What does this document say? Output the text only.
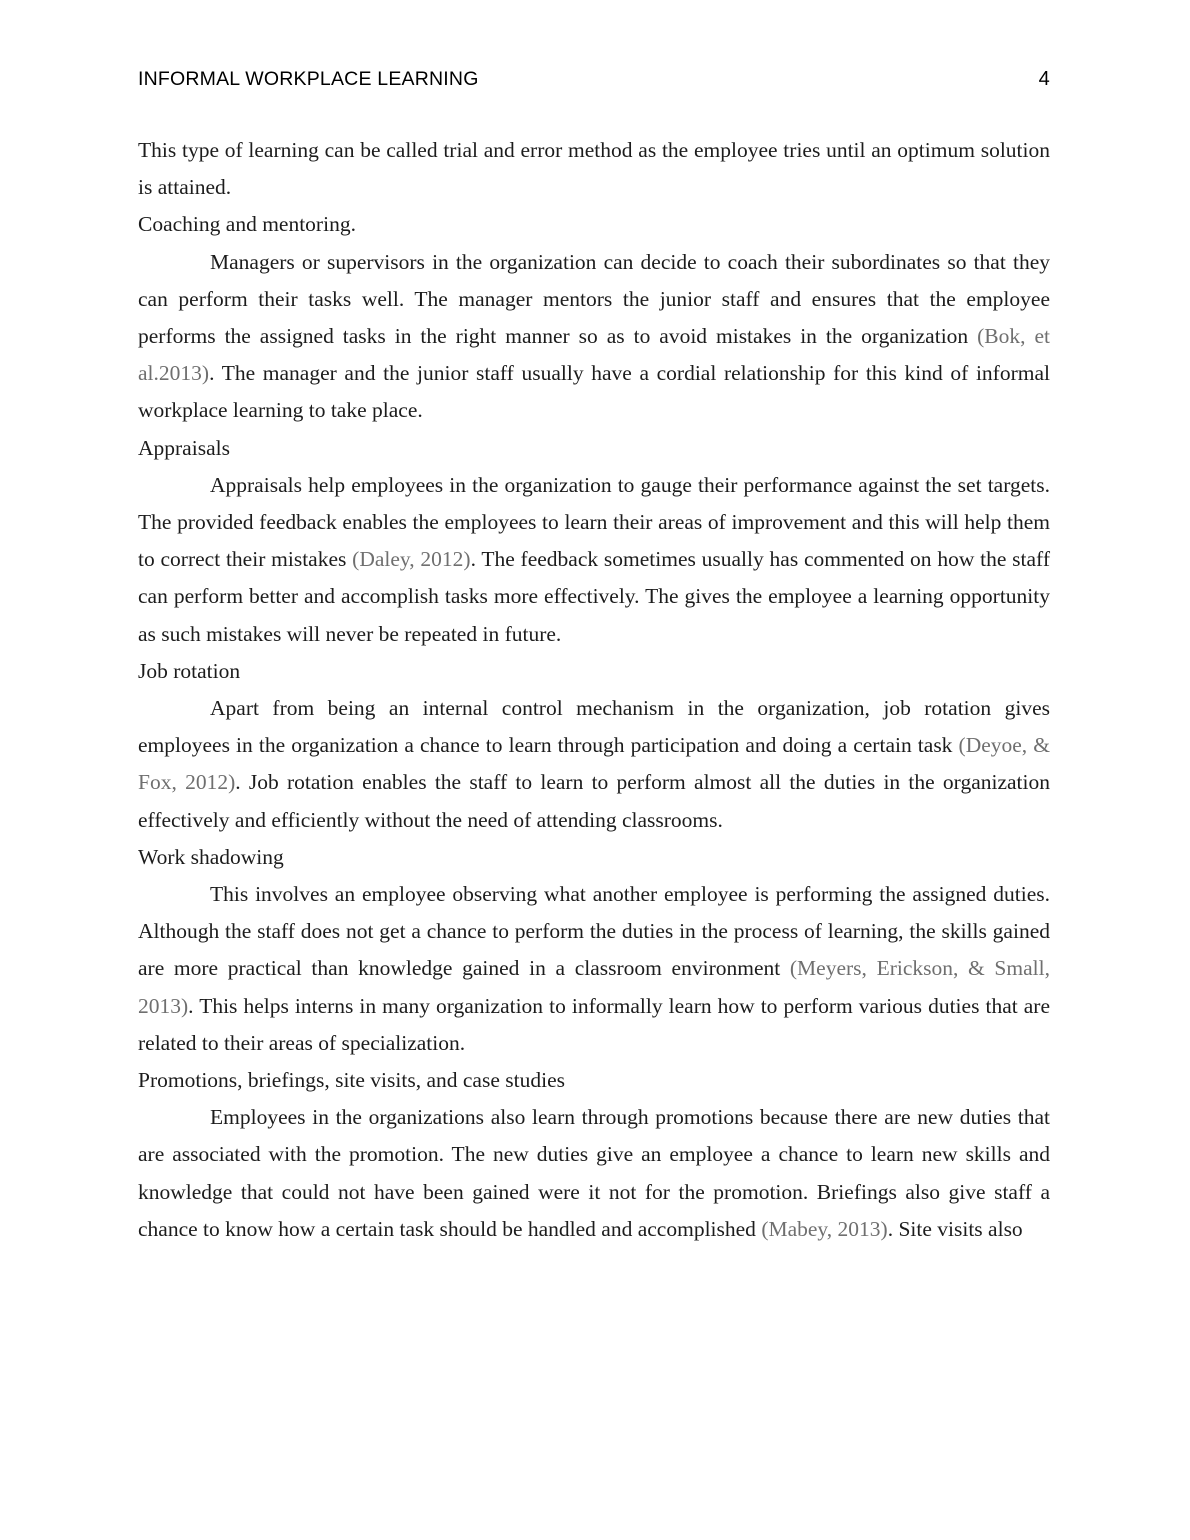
INFORMAL WORKPLACE LEARNING	4

This type of learning can be called trial and error method as the employee tries until an optimum solution is attained.

Coaching and mentoring.

Managers or supervisors in the organization can decide to coach their subordinates so that they can perform their tasks well. The manager mentors the junior staff and ensures that the employee performs the assigned tasks in the right manner so as to avoid mistakes in the organization (Bok, et al.2013). The manager and the junior staff usually have a cordial relationship for this kind of informal workplace learning to take place.

Appraisals

Appraisals help employees in the organization to gauge their performance against the set targets. The provided feedback enables the employees to learn their areas of improvement and this will help them to correct their mistakes (Daley, 2012). The feedback sometimes usually has commented on how the staff can perform better and accomplish tasks more effectively. The gives the employee a learning opportunity as such mistakes will never be repeated in future.

Job rotation

Apart from being an internal control mechanism in the organization, job rotation gives employees in the organization a chance to learn through participation and doing a certain task (Deyoe, & Fox, 2012). Job rotation enables the staff to learn to perform almost all the duties in the organization effectively and efficiently without the need of attending classrooms.

Work shadowing

This involves an employee observing what another employee is performing the assigned duties. Although the staff does not get a chance to perform the duties in the process of learning, the skills gained are more practical than knowledge gained in a classroom environment (Meyers, Erickson, & Small, 2013). This helps interns in many organization to informally learn how to perform various duties that are related to their areas of specialization.

Promotions, briefings, site visits, and case studies

Employees in the organizations also learn through promotions because there are new duties that are associated with the promotion. The new duties give an employee a chance to learn new skills and knowledge that could not have been gained were it not for the promotion. Briefings also give staff a chance to know how a certain task should be handled and accomplished (Mabey, 2013). Site visits also
